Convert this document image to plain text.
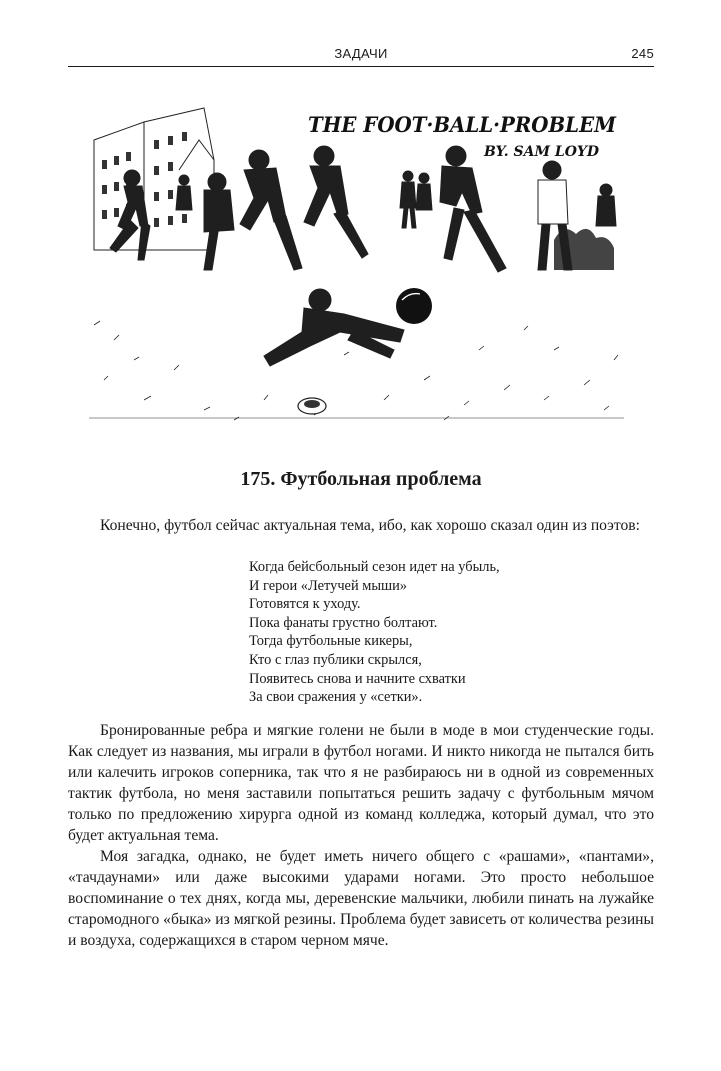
ЗАДАЧИ	245
THE FOOT·BALL·PROBLEM
BY. SAM LOYD
175. Футбольная проблема

Конечно, футбол сейчас актуальная тема, ибо, как хорошо сказал один из поэтов:

Когда бейсбольный сезон идет на убыль,
И герои «Летучей мыши»
Готовятся к уходу.
Пока фанаты грустно болтают.
Тогда футбольные кикеры,
Кто с глаз публики скрылся,
Появитесь снова и начните схватки
За свои сражения у «сетки».

Бронированные ребра и мягкие голени не были в моде в мои студенческие годы. Как следует из названия, мы играли в футбол ногами. И никто никогда не пытался бить или калечить игроков соперника, так что я не разбираюсь ни в одной из современных тактик футбола, но меня заставили попытаться решить задачу с футбольным мячом только по предложению хирурга одной из команд колледжа, который думал, что это будет актуальная тема.

Моя загадка, однако, не будет иметь ничего общего с «рашами», «пантами», «тачдаунами» или даже высокими ударами ногами. Это просто небольшое воспоминание о тех днях, когда мы, деревенские мальчики, любили пинать на лужайке старомодного «быка» из мягкой резины. Проблема будет зависеть от количества резины и воздуха, содержащихся в старом черном мяче.
